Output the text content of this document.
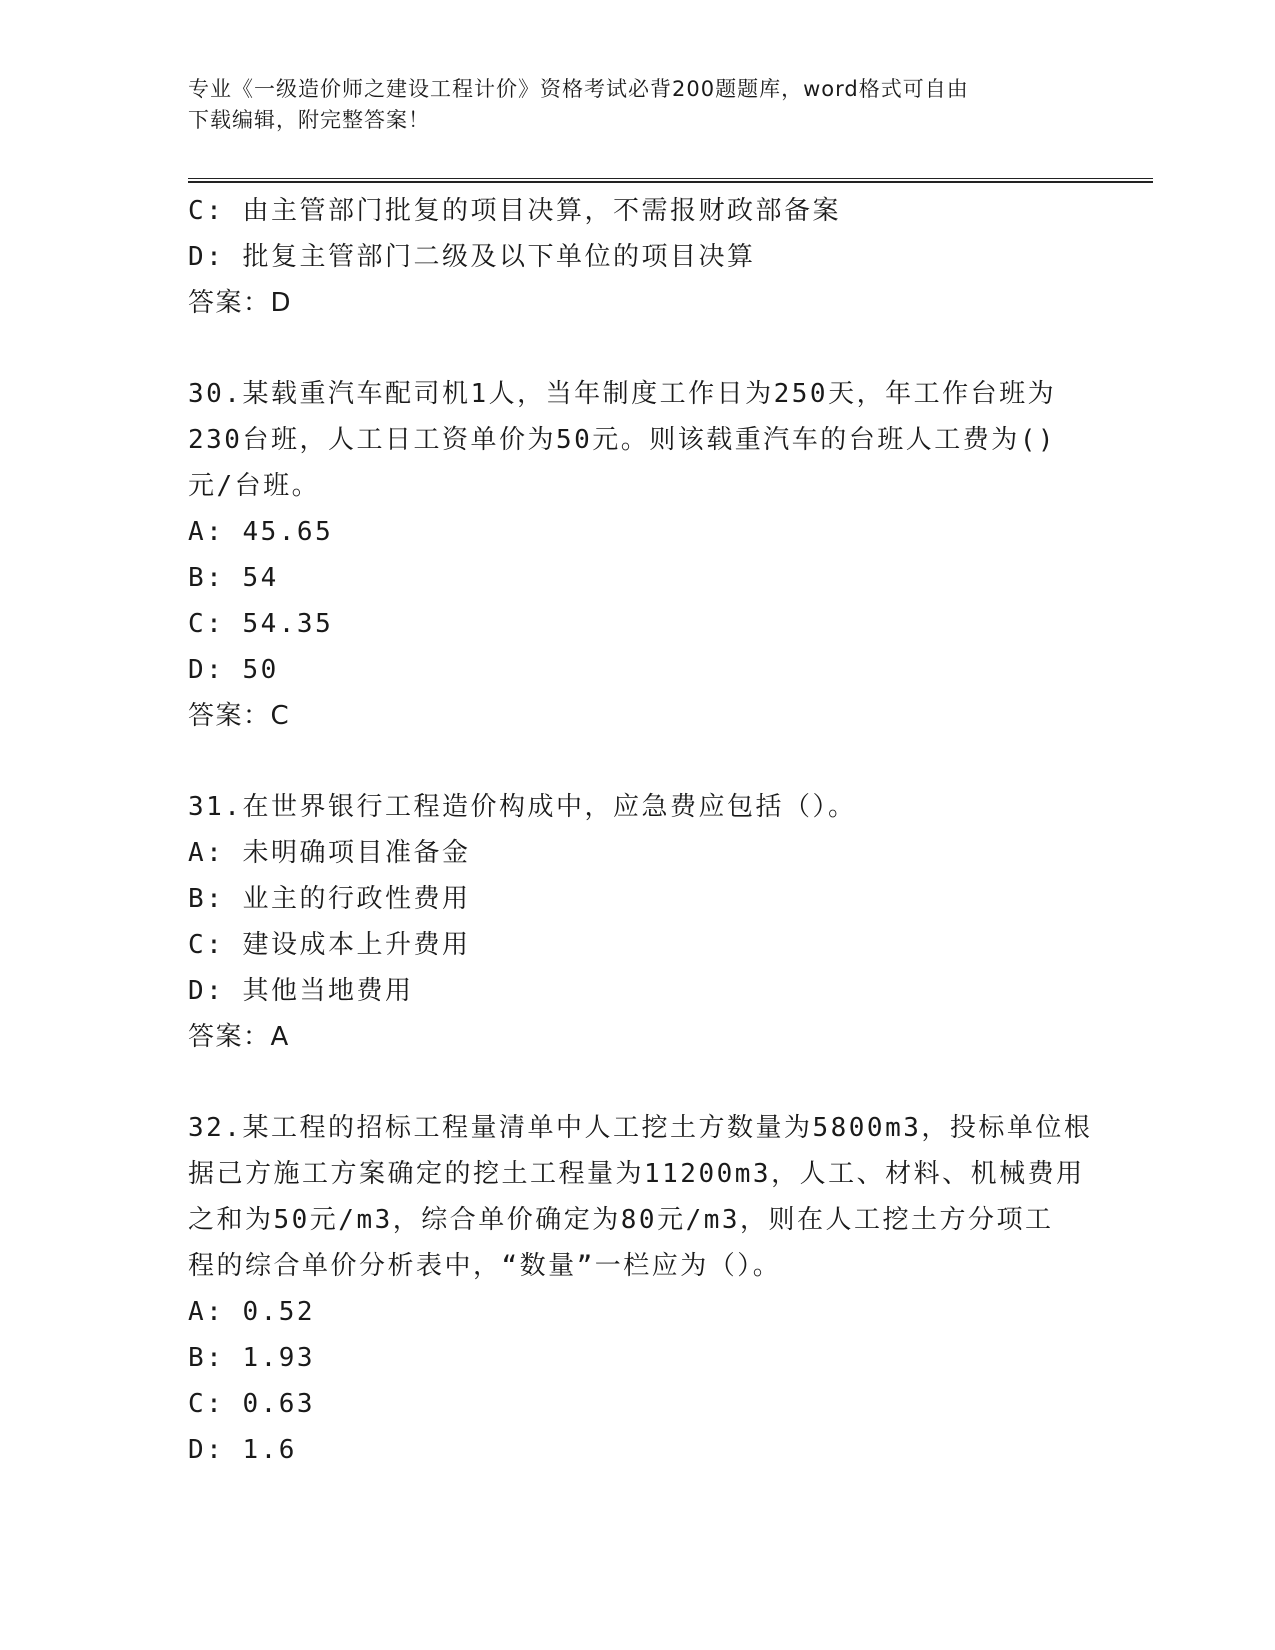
专业《一级造价师之建设工程计价》资格考试必背200题题库，word格式可自由
下载编辑，附完整答案！
C: 由主管部门批复的项目决算，不需报财政部备案
D: 批复主管部门二级及以下单位的项目决算
答案：D
30.某载重汽车配司机1人，当年制度工作日为250天，年工作台班为
230台班，人工日工资单价为50元。则该载重汽车的台班人工费为()
元/台班。
A: 45.65
B: 54
C: 54.35
D: 50
答案：C
31.在世界银行工程造价构成中，应急费应包括（）。
A: 未明确项目准备金
B: 业主的行政性费用
C: 建设成本上升费用
D: 其他当地费用
答案：A
32.某工程的招标工程量清单中人工挖土方数量为5800m3，投标单位根
据己方施工方案确定的挖土工程量为11200m3，人工、材料、机械费用
之和为50元/m3，综合单价确定为80元/m3，则在人工挖土方分项工
程的综合单价分析表中，“数量”一栏应为（）。
A: 0.52
B: 1.93
C: 0.63
D: 1.6
